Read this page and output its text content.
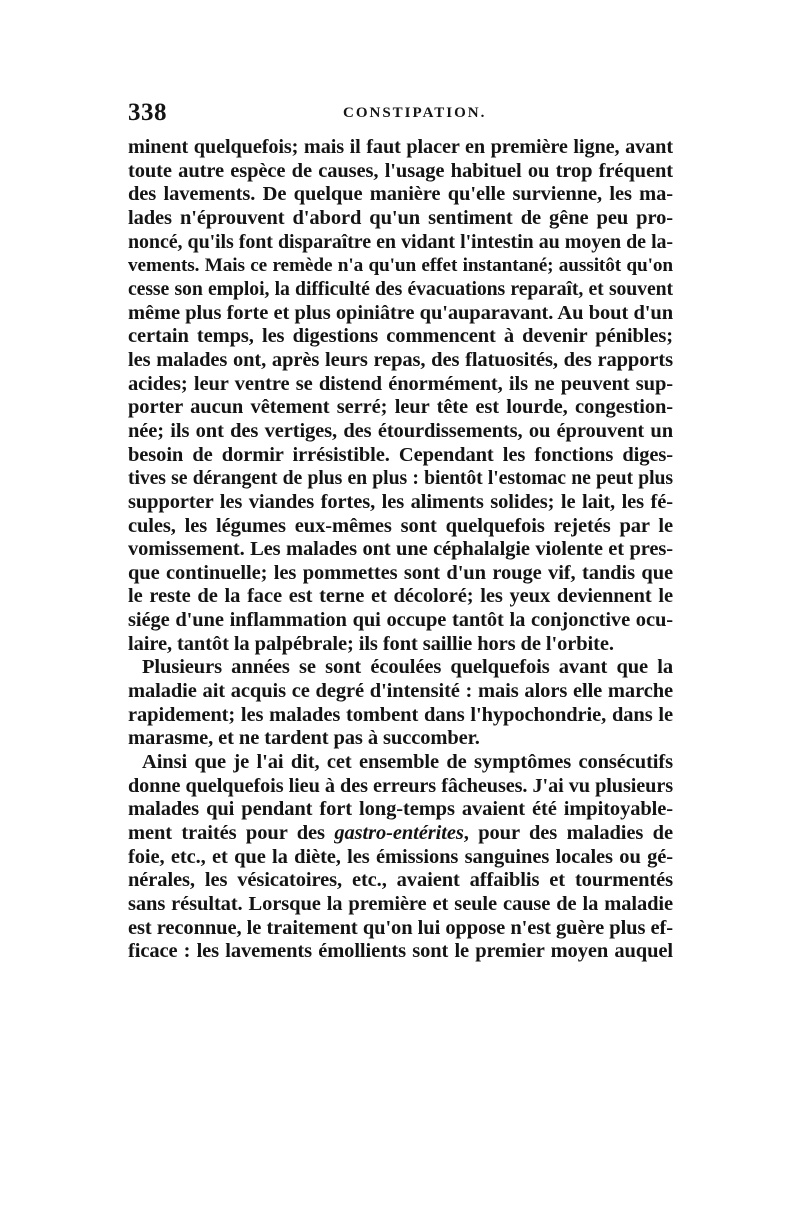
338	CONSTIPATION.
minent quelquefois; mais il faut placer en première ligne, avant
toute autre espèce de causes, l'usage habituel ou trop fréquent
des lavements. De quelque manière qu'elle survienne, les ma-
lades n'éprouvent d'abord qu'un sentiment de gêne peu pro-
noncé, qu'ils font disparaître en vidant l'intestin au moyen de la-
vements. Mais ce remède n'a qu'un effet instantané; aussitôt qu'on
cesse son emploi, la difficulté des évacuations reparaît, et souvent
même plus forte et plus opiniâtre qu'auparavant. Au bout d'un
certain temps, les digestions commencent à devenir pénibles;
les malades ont, après leurs repas, des flatuosités, des rapports
acides; leur ventre se distend énormément, ils ne peuvent sup-
porter aucun vêtement serré; leur tête est lourde, congestion-
née; ils ont des vertiges, des étourdissements, ou éprouvent un
besoin de dormir irrésistible. Cependant les fonctions diges-
tives se dérangent de plus en plus : bientôt l'estomac ne peut plus
supporter les viandes fortes, les aliments solides; le lait, les fé-
cules, les légumes eux-mêmes sont quelquefois rejetés par le
vomissement. Les malades ont une céphalalgie violente et pres-
que continuelle; les pommettes sont d'un rouge vif, tandis que
le reste de la face est terne et décoloré; les yeux deviennent le
siége d'une inflammation qui occupe tantôt la conjonctive ocu-
laire, tantôt la palpébrale; ils font saillie hors de l'orbite.
Plusieurs années se sont écoulées quelquefois avant que la
maladie ait acquis ce degré d'intensité : mais alors elle marche
rapidement; les malades tombent dans l'hypochondrie, dans le
marasme, et ne tardent pas à succomber.
Ainsi que je l'ai dit, cet ensemble de symptômes consécutifs
donne quelquefois lieu à des erreurs fâcheuses. J'ai vu plusieurs
malades qui pendant fort long-temps avaient été impitoyable-
ment traités pour des gastro-entérites, pour des maladies de
foie, etc., et que la diète, les émissions sanguines locales ou gé-
nérales, les vésicatoires, etc., avaient affaiblis et tourmentés
sans résultat. Lorsque la première et seule cause de la maladie
est reconnue, le traitement qu'on lui oppose n'est guère plus ef-
ficace : les lavements émollients sont le premier moyen auquel
